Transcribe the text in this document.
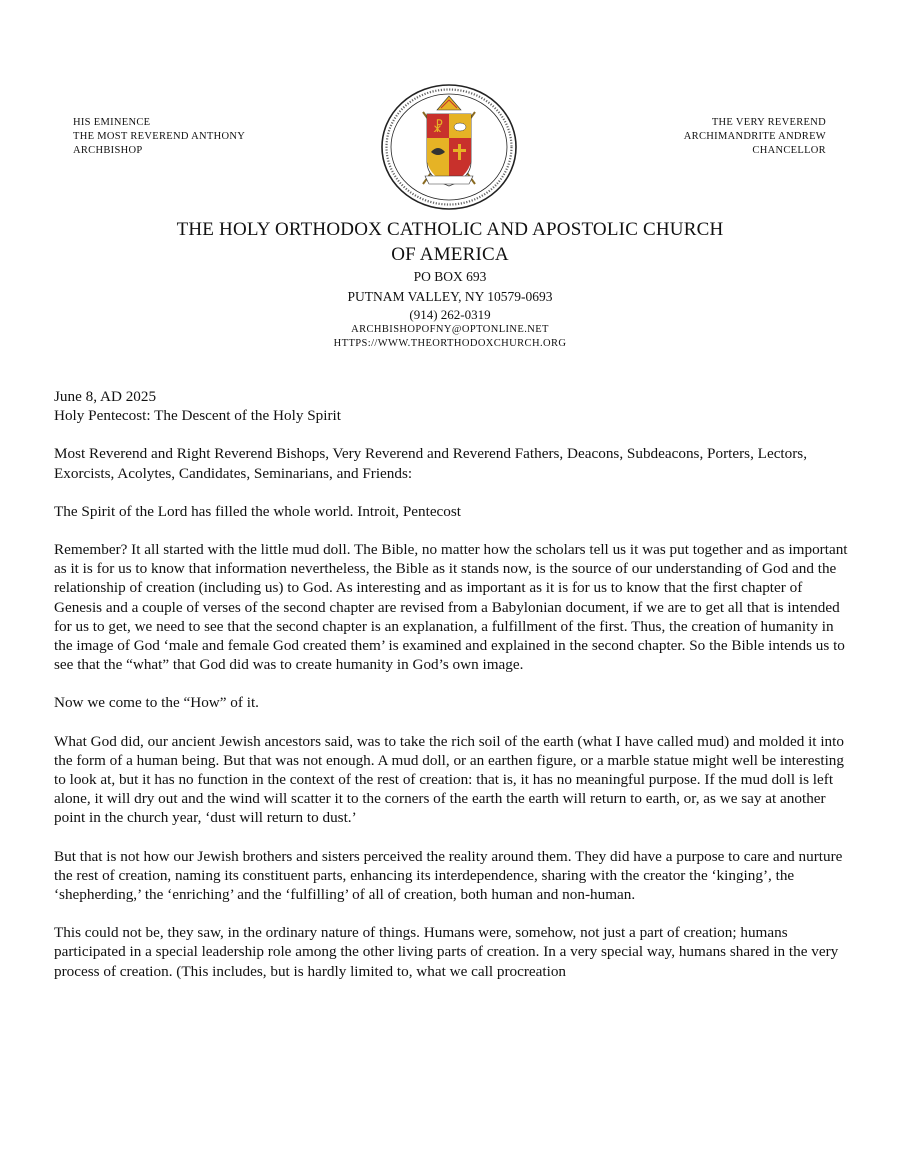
HIS EMINENCE
THE MOST REVEREND ANTHONY
ARCHBISHOP
THE VERY REVEREND
ARCHIMANDRITE ANDREW
CHANCELLOR
☧
THE HOLY ORTHODOX CATHOLIC AND APOSTOLIC CHURCH
OF AMERICA
PO BOX 693
PUTNAM VALLEY, NY 10579-0693
(914) 262-0319
ARCHBISHOPOFNY@OPTONLINE.NET
HTTPS://WWW.THEORTHODOXCHURCH.ORG

June 8, AD 2025

Holy Pentecost: The Descent of the Holy Spirit

Most Reverend and Right Reverend Bishops, Very Reverend and Reverend Fathers, Deacons, Subdeacons, Porters, Lectors, Exorcists, Acolytes, Candidates, Seminarians, and Friends:

The Spirit of the Lord has filled the whole world. Introit, Pentecost

Remember? It all started with the little mud doll. The Bible, no matter how the scholars tell us it was put together and as important as it is for us to know that information nevertheless, the Bible as it stands now, is the source of our understanding of God and the relationship of creation (including us) to God. As interesting and as important as it is for us to know that the first chapter of Genesis and a couple of verses of the second chapter are revised from a Babylonian document, if we are to get all that is intended for us to get, we need to see that the second chapter is an explanation, a fulfillment of the first. Thus, the creation of humanity in the image of God ‘male and female God created them’ is examined and explained in the second chapter. So the Bible intends us to see that the “what” that God did was to create humanity in God’s own image.

Now we come to the “How” of it.

What God did, our ancient Jewish ancestors said, was to take the rich soil of the earth (what I have called mud) and molded it into the form of a human being. But that was not enough. A mud doll, or an earthen figure, or a marble statue might well be interesting to look at, but it has no function in the context of the rest of creation: that is, it has no meaningful purpose. If the mud doll is left alone, it will dry out and the wind will scatter it to the corners of the earth the earth will return to earth, or, as we say at another point in the church year, ‘dust will return to dust.’

But that is not how our Jewish brothers and sisters perceived the reality around them. They did have a purpose to care and nurture the rest of creation, naming its constituent parts, enhancing its interdependence, sharing with the creator the ‘kinging’, the ‘shepherding,’ the ‘enriching’ and the ‘fulfilling’ of all of creation, both human and non-human.

This could not be, they saw, in the ordinary nature of things. Humans were, somehow, not just a part of creation; humans participated in a special leadership role among the other living parts of creation. In a very special way, humans shared in the very process of creation. (This includes, but is hardly limited to, what we call procreation
